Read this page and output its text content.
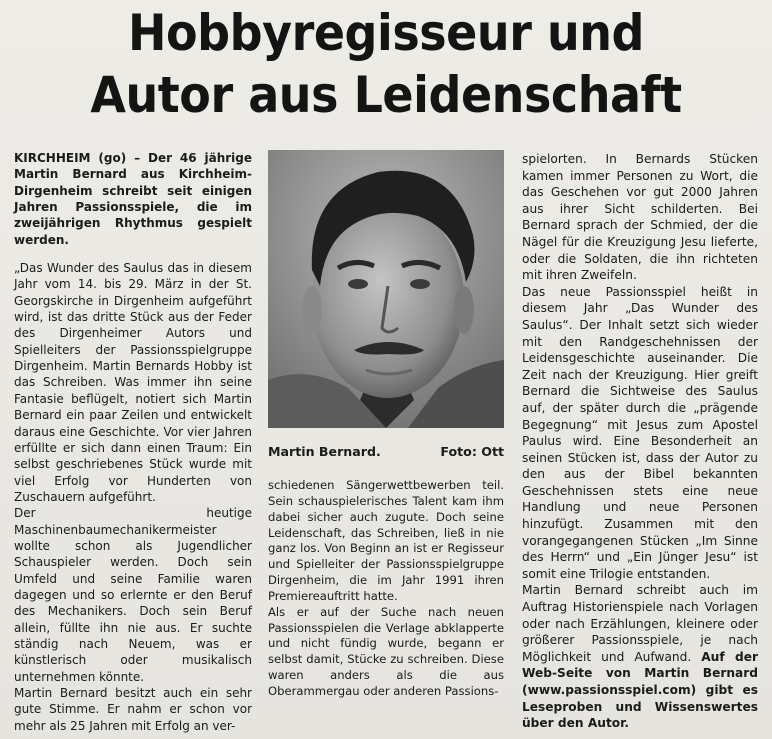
Hobbyregisseur und
Autor aus Leidenschaft

KIRCHHEIM (go) – Der 46 jährige Martin Bernard aus Kirchheim-Dirgenheim schreibt seit einigen Jahren Passionsspiele, die im zweijährigen Rhythmus gespielt werden.

„Das Wunder des Saulus das in diesem Jahr vom 14. bis 29. März in der St. Georgskirche in Dirgenheim aufgeführt wird, ist das dritte Stück aus der Feder des Dirgenheimer Autors und Spielleiters der Passionsspielgruppe Dirgenheim. Martin Bernards Hobby ist das Schreiben. Was immer ihn seine Fantasie beflügelt, notiert sich Martin Bernard ein paar Zeilen und entwickelt daraus eine Geschichte. Vor vier Jahren erfüllte er sich dann einen Traum: Ein selbst geschriebenes Stück wurde mit viel Erfolg vor Hunderten von Zuschauern aufgeführt.

Der heutige Maschinenbaumechanikermeister wollte schon als Jugendlicher Schauspieler werden. Doch sein Umfeld und seine Familie waren dagegen und so erlernte er den Beruf des Mechanikers. Doch sein Beruf allein, füllte ihn nie aus. Er suchte ständig nach Neuem, was er künstlerisch oder musikalisch unternehmen könnte.

Martin Bernard besitzt auch ein sehr gute Stimme. Er nahm er schon vor mehr als 25 Jahren mit Erfolg an ver-

Martin Bernard.	Foto: Ott

schiedenen Sängerwettbewerben teil. Sein schauspielerisches Talent kam ihm dabei sicher auch zugute. Doch seine Leidenschaft, das Schreiben, ließ in nie ganz los. Von Beginn an ist er Regisseur und Spielleiter der Passionsspielgruppe Dirgenheim, die im Jahr 1991 ihren Premiereauftritt hatte.

Als er auf der Suche nach neuen Passionsspielen die Verlage abklapperte und nicht fündig wurde, begann er selbst damit, Stücke zu schreiben. Diese waren anders als die aus Oberammergau oder anderen Passions-

spielorten. In Bernards Stücken kamen immer Personen zu Wort, die das Geschehen vor gut 2000 Jahren aus ihrer Sicht schilderten. Bei Bernard sprach der Schmied, der die Nägel für die Kreuzigung Jesu lieferte, oder die Soldaten, die ihn richteten mit ihren Zweifeln.

Das neue Passionsspiel heißt in diesem Jahr „Das Wunder des Saulus“. Der Inhalt setzt sich wieder mit den Randgeschehnissen der Leidensgeschichte auseinander. Die Zeit nach der Kreuzigung. Hier greift Bernard die Sichtweise des Saulus auf, der später durch die „prägende Begegnung“ mit Jesus zum Apostel Paulus wird. Eine Besonderheit an seinen Stücken ist, dass der Autor zu den aus der Bibel bekannten Geschehnissen stets eine neue Handlung und neue Personen hinzufügt. Zusammen mit den vorangegangenen Stücken „Im Sinne des Herrn“ und „Ein Jünger Jesu“ ist somit eine Trilogie entstanden.

Martin Bernard schreibt auch im Auftrag Historienspiele nach Vorlagen oder nach Erzählungen, kleinere oder größerer Passionsspiele, je nach Möglichkeit und Aufwand. Auf der Web-Seite von Martin Bernard (www.passionsspiel.com) gibt es Leseproben und Wissenswertes über den Autor.
